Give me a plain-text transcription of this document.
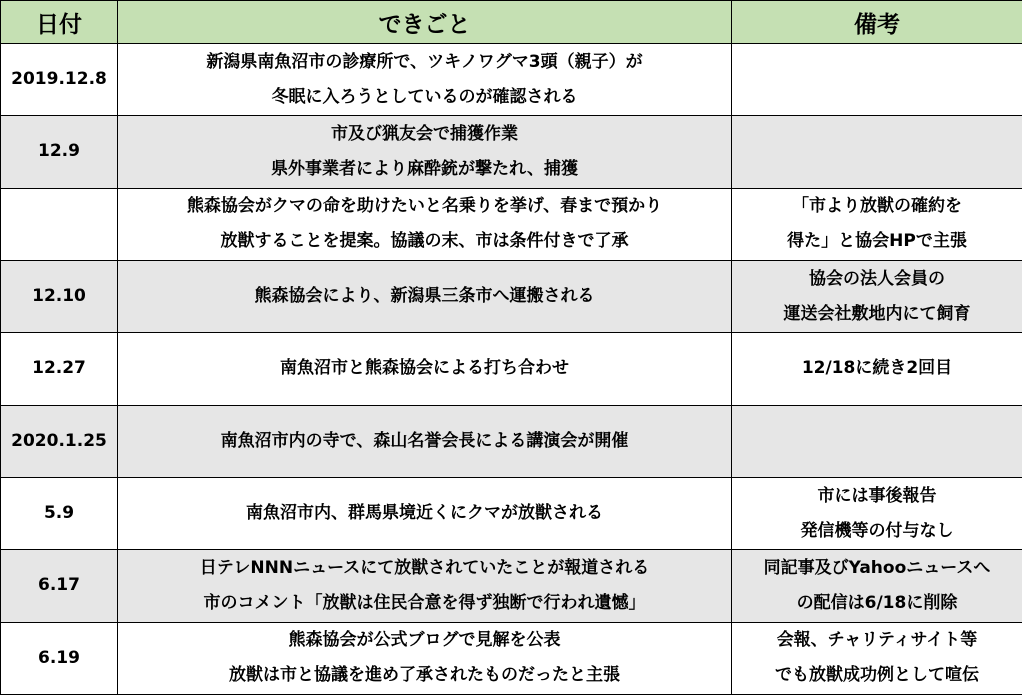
日付	できごと	備考
2019.12.8	新潟県南魚沼市の診療所で、ツキノワグマ3頭（親子）が
冬眠に入ろうとしているのが確認される	

12.9	市及び猟友会で捕獲作業
県外事業者により麻酔銃が撃たれ、捕獲	

	熊森協会がクマの命を助けたいと名乗りを挙げ、春まで預かり
放獣することを提案。協議の末、市は条件付きで了承	「市より放獣の確約を
得た」と協会HPで主張

12.10	熊森協会により、新潟県三条市へ運搬される	協会の法人会員の
運送会社敷地内にて飼育

12.27	南魚沼市と熊森協会による打ち合わせ	12/18に続き2回目

2020.1.25	南魚沼市内の寺で、森山名誉会長による講演会が開催	

5.9	南魚沼市内、群馬県境近くにクマが放獣される	市には事後報告
発信機等の付与なし

6.17	日テレNNNニュースにて放獣されていたことが報道される
市のコメント「放獣は住民合意を得ず独断で行われ遺憾」	同記事及びYahooニュースへ
の配信は6/18に削除

6.19	熊森協会が公式ブログで見解を公表
放獣は市と協議を進め了承されたものだったと主張	会報、チャリティサイト等
でも放獣成功例として喧伝
